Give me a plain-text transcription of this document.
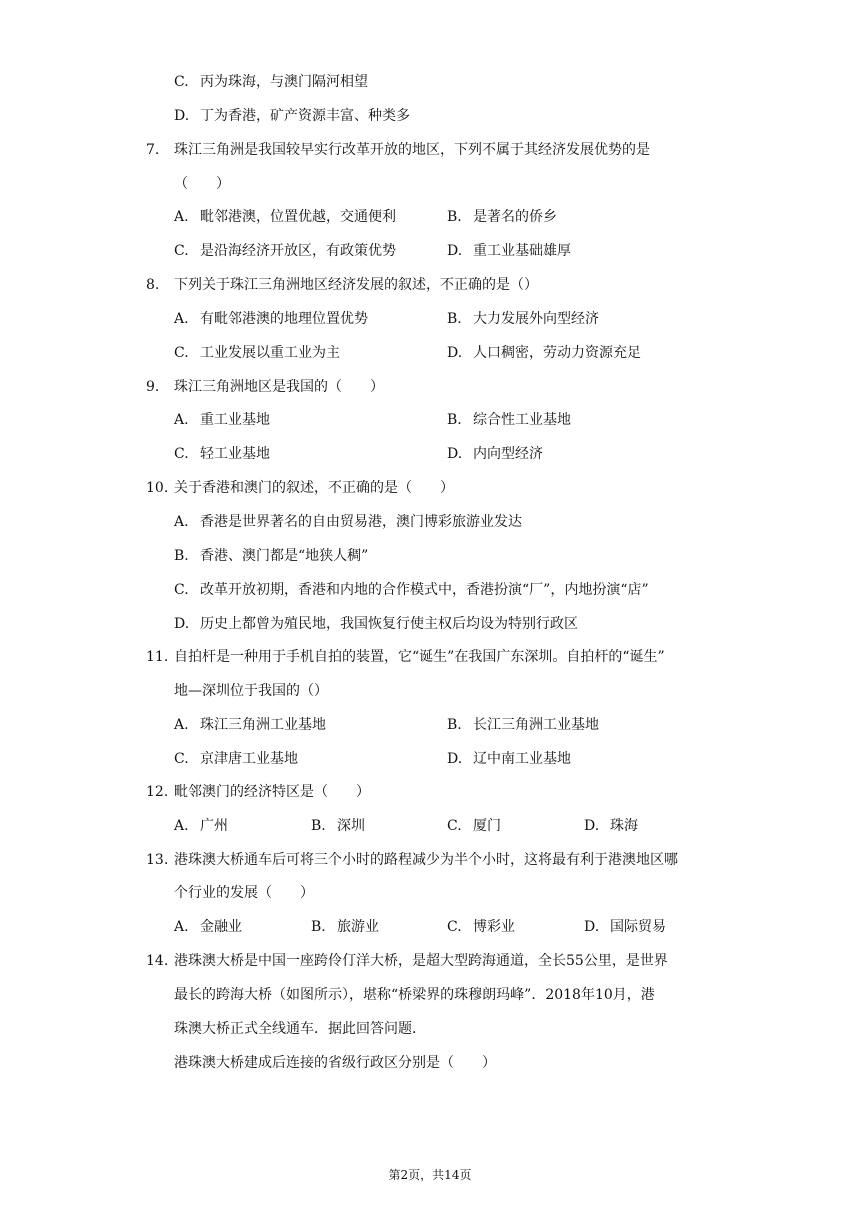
C. 丙为珠海，与澳门隔河相望
D. 丁为香港，矿产资源丰富、种类多
7. 珠江三角洲是我国较早实行改革开放的地区，下列不属于其经济发展优势的是
（　　）
A. 毗邻港澳，位置优越，交通便利	B. 是著名的侨乡
C. 是沿海经济开放区，有政策优势	D. 重工业基础雄厚
8. 下列关于珠江三角洲地区经济发展的叙述，不正确的是（）
A. 有毗邻港澳的地理位置优势	B. 大力发展外向型经济
C. 工业发展以重工业为主	D. 人口稠密，劳动力资源充足
9. 珠江三角洲地区是我国的（　　）
A. 重工业基地	B. 综合性工业基地
C. 轻工业基地	D. 内向型经济
10. 关于香港和澳门的叙述，不正确的是（　　）
A. 香港是世界著名的自由贸易港，澳门博彩旅游业发达
B. 香港、澳门都是“地狭人稠”
C. 改革开放初期，香港和内地的合作模式中，香港扮演“厂”，内地扮演“店”
D. 历史上都曾为殖民地，我国恢复行使主权后均设为特别行政区
11. 自拍杆是一种用于手机自拍的装置，它“诞生”在我国广东深圳。自拍杆的“诞生”
地—深圳位于我国的（）
A. 珠江三角洲工业基地	B. 长江三角洲工业基地
C. 京津唐工业基地	D. 辽中南工业基地
12. 毗邻澳门的经济特区是（　　）
A. 广州	B. 深圳	C. 厦门	D. 珠海
13. 港珠澳大桥通车后可将三个小时的路程减少为半个小时，这将最有利于港澳地区哪
个行业的发展（　　）
A. 金融业	B. 旅游业	C. 博彩业	D. 国际贸易
14. 港珠澳大桥是中国一座跨伶仃洋大桥，是超大型跨海通道，全长55公里，是世界
最长的跨海大桥（如图所示），堪称“桥梁界的珠穆朗玛峰”．2018年10月，港
珠澳大桥正式全线通车．据此回答问题．
港珠澳大桥建成后连接的省级行政区分别是（　　）
第2页，共14页
